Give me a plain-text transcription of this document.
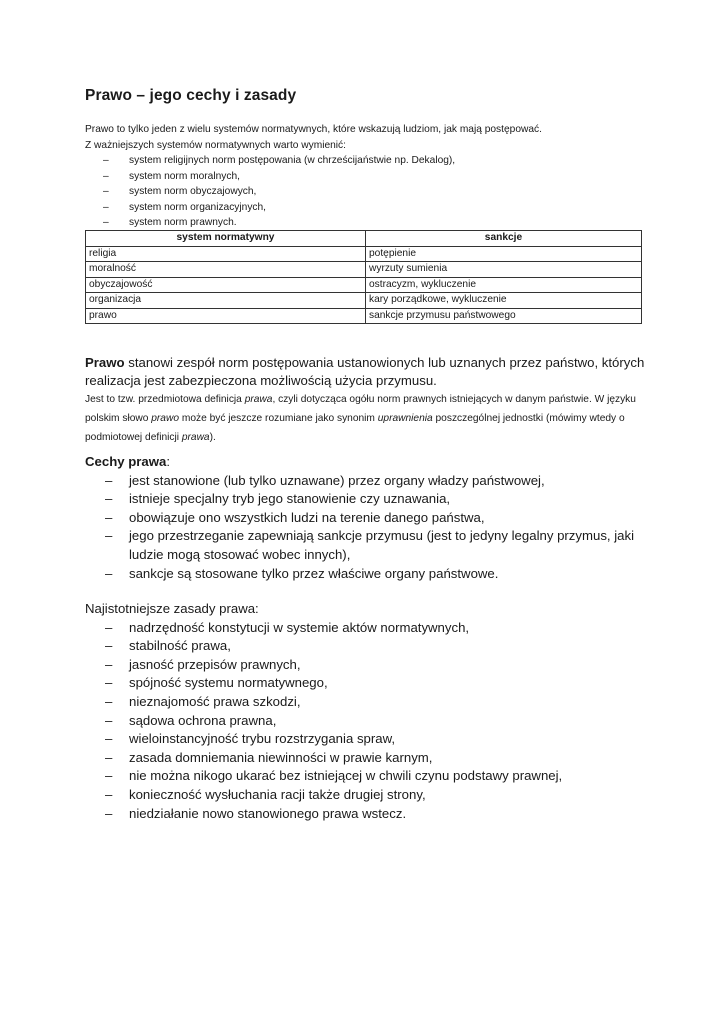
Prawo – jego cechy i zasady

Prawo to tylko jeden z wielu systemów normatywnych, które wskazują ludziom, jak mają postępować.

Z ważniejszych systemów normatywnych warto wymienić:

– system religijnych norm postępowania (w chrześcijaństwie np. Dekalog),
– system norm moralnych,
– system norm obyczajowych,
– system norm organizacyjnych,
– system norm prawnych.
system normatywny	sankcje
religia	potępienie
moralność	wyrzuty sumienia
obyczajowość	ostracyzm, wykluczenie
organizacja	kary porządkowe, wykluczenie
prawo	sankcje przymusu państwowego

Prawo stanowi zespół norm postępowania ustanowionych lub uznanych przez państwo, których realizacja jest zabezpieczona możliwością użycia przymusu.

Jest to tzw. przedmiotowa definicja prawa, czyli dotycząca ogółu norm prawnych istniejących w danym państwie. W języku polskim słowo prawo może być jeszcze rozumiane jako synonim uprawnienia poszczególnej jednostki (mówimy wtedy o podmiotowej definicji prawa).

Cechy prawa:

– jest stanowione (lub tylko uznawane) przez organy władzy państwowej,
– istnieje specjalny tryb jego stanowienie czy uznawania,
– obowiązuje ono wszystkich ludzi na terenie danego państwa,
– jego przestrzeganie zapewniają sankcje przymusu (jest to jedyny legalny przymus, jaki ludzie mogą stosować wobec innych),
– sankcje są stosowane tylko przez właściwe organy państwowe.

Najistotniejsze zasady prawa:

– nadrzędność konstytucji w systemie aktów normatywnych,
– stabilność prawa,
– jasność przepisów prawnych,
– spójność systemu normatywnego,
– nieznajomość prawa szkodzi,
– sądowa ochrona prawna,
– wieloinstancyjność trybu rozstrzygania spraw,
– zasada domniemania niewinności w prawie karnym,
– nie można nikogo ukarać bez istniejącej w chwili czynu podstawy prawnej,
– konieczność wysłuchania racji także drugiej strony,
– niedziałanie nowo stanowionego prawa wstecz.
